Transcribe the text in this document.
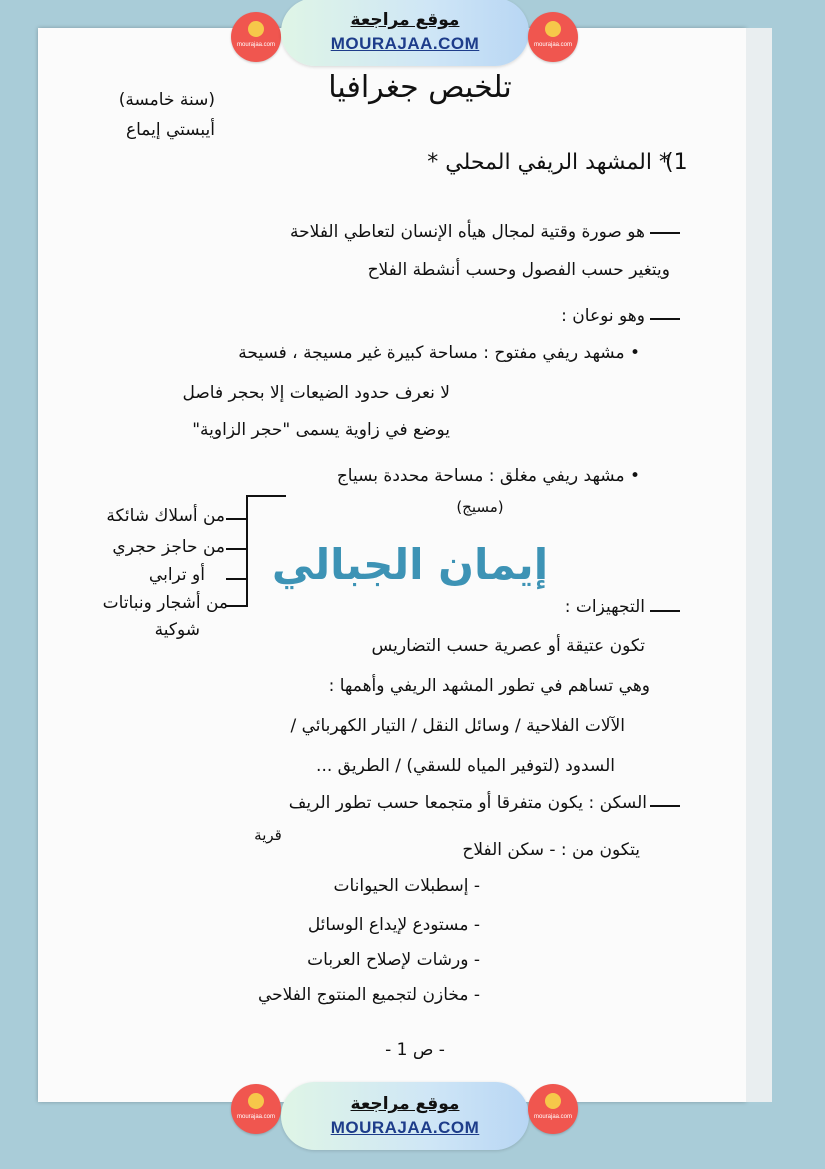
mourajaa.com
موقع مراجعة
MOURAJAA.COM	mourajaa.com
تلخيص جغرافيا
(سنة خامسة)
أيبستي إيماع
(1
* المشهد الريفي المحلي *
هو صورة وقتية لمجال هيأه الإنسان لتعاطي الفلاحة
ويتغير حسب الفصول وحسب أنشطة الفلاح
وهو نوعان :
• مشهد ريفي مفتوح : مساحة كبيرة غير مسيجة ، فسيحة
لا نعرف حدود الضيعات إلا بحجر فاصل
يوضع في زاوية يسمى "حجر الزاوية"
• مشهد ريفي مغلق : مساحة محددة بسياج
(مسيج)
من أسلاك شائكة
من حاجز حجري
أو ترابي
من أشجار ونباتات
شوكية
إيمان الجبالي
التجهيزات :
تكون عتيقة أو عصرية حسب التضاريس
وهي تساهم في تطور المشهد الريفي وأهمها :
الآلات الفلاحية / وسائل النقل / التيار الكهربائي /
السدود (لتوفير المياه للسقي) / الطريق ...
السكن : يكون متفرقا أو متجمعا حسب تطور الريف
قرية
يتكون من : - سكن الفلاح
- إسطبلات الحيوانات
- مستودع لإيداع الوسائل
- ورشات لإصلاح العربات
- مخازن لتجميع المنتوج الفلاحي
- ص 1 -
mourajaa.com
موقع مراجعة
MOURAJAA.COM
mourajaa.com
